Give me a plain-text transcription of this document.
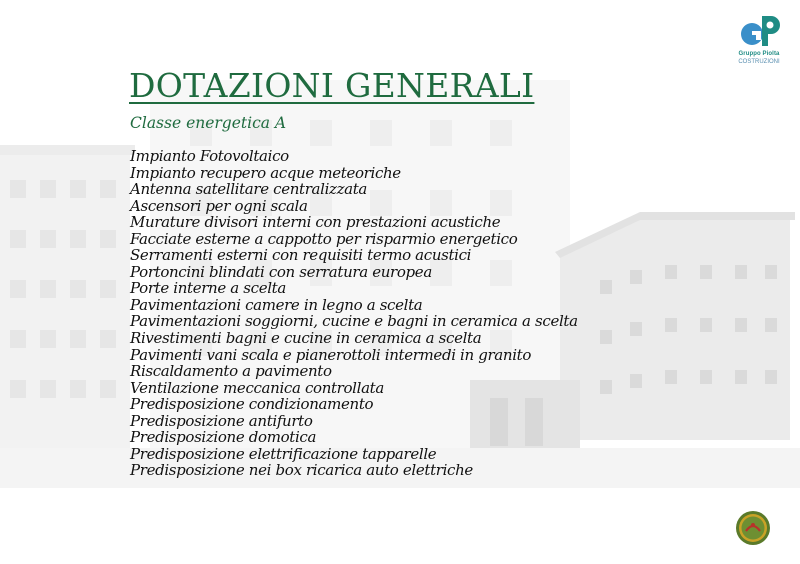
Gruppo Piolta
COSTRUZIONI
DOTAZIONI GENERALI
Classe energetica A
Impianto Fotovoltaico
Impianto recupero acque meteoriche
Antenna satellitare centralizzata
Ascensori per ogni scala
Murature divisori interni con prestazioni acustiche
Facciate esterne a cappotto per risparmio energetico
Serramenti esterni con requisiti termo acustici
Portoncini blindati con serratura europea
Porte interne a scelta
Pavimentazioni camere in legno a scelta
Pavimentazioni soggiorni, cucine e bagni in ceramica a scelta
Rivestimenti bagni e cucine in ceramica a scelta
Pavimenti vani scala e pianerottoli intermedi in granito
Riscaldamento a pavimento
Ventilazione meccanica controllata
Predisposizione condizionamento
Predisposizione antifurto
Predisposizione domotica
Predisposizione elettrificazione tapparelle
Predisposizione nei box ricarica auto elettriche
